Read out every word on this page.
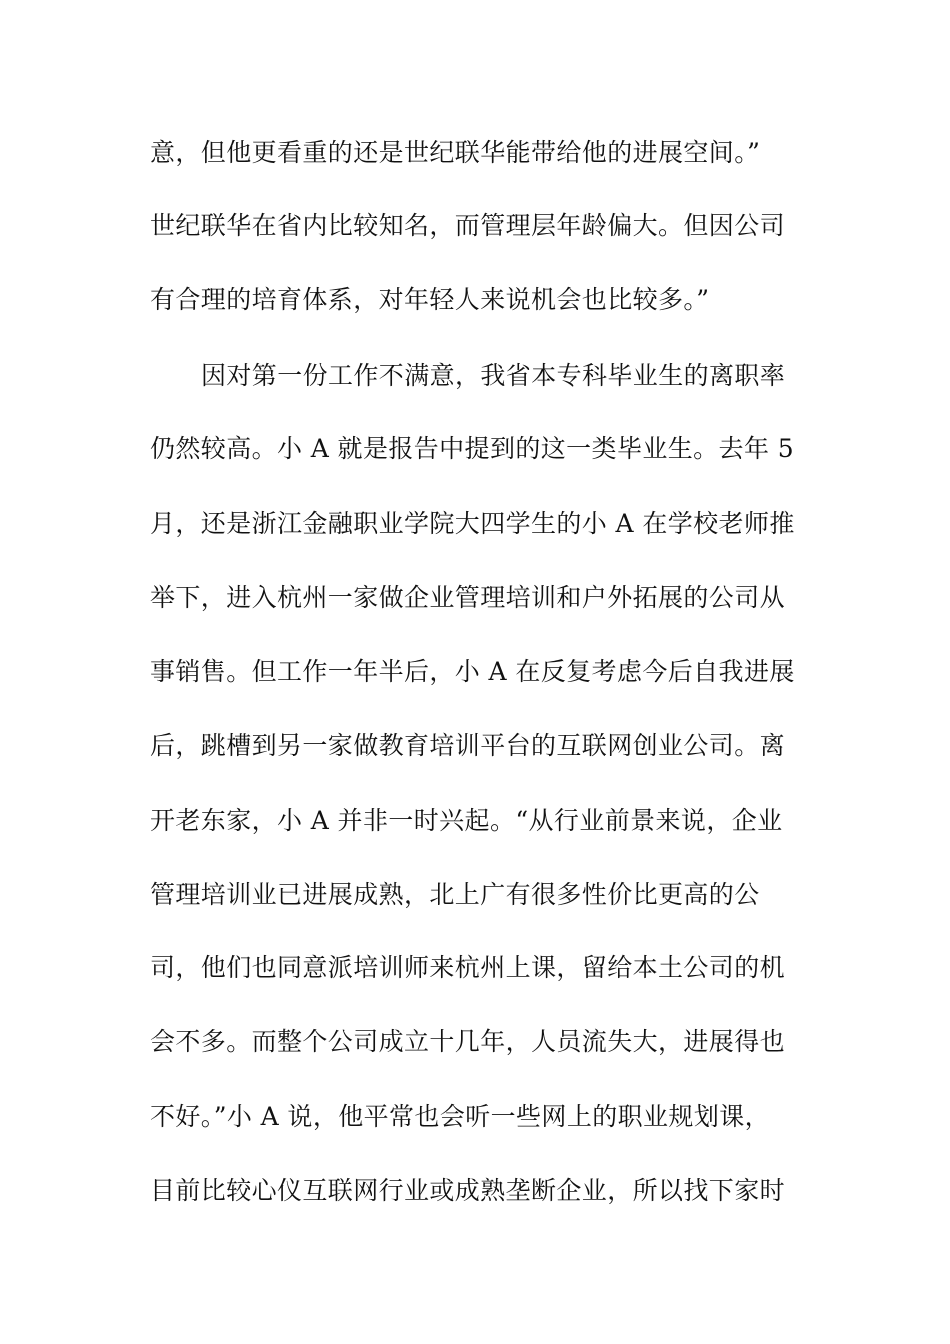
意，但他更看重的还是世纪联华能带给他的进展空间。”
世纪联华在省内比较知名，而管理层年龄偏大。但因公司
有合理的培育体系，对年轻人来说机会也比较多。”
因对第一份工作不满意，我省本专科毕业生的离职率
仍然较高。小 A 就是报告中提到的这一类毕业生。去年 5
月，还是浙江金融职业学院大四学生的小 A 在学校老师推
举下，进入杭州一家做企业管理培训和户外拓展的公司从
事销售。但工作一年半后，小 A 在反复考虑今后自我进展
后，跳槽到另一家做教育培训平台的互联网创业公司。离
开老东家，小 A 并非一时兴起。“从行业前景来说，企业
管理培训业已进展成熟，北上广有很多性价比更高的公
司，他们也同意派培训师来杭州上课，留给本土公司的机
会不多。而整个公司成立十几年，人员流失大，进展得也
不好。”小 A 说，他平常也会听一些网上的职业规划课，
目前比较心仪互联网行业或成熟垄断企业，所以找下家时
